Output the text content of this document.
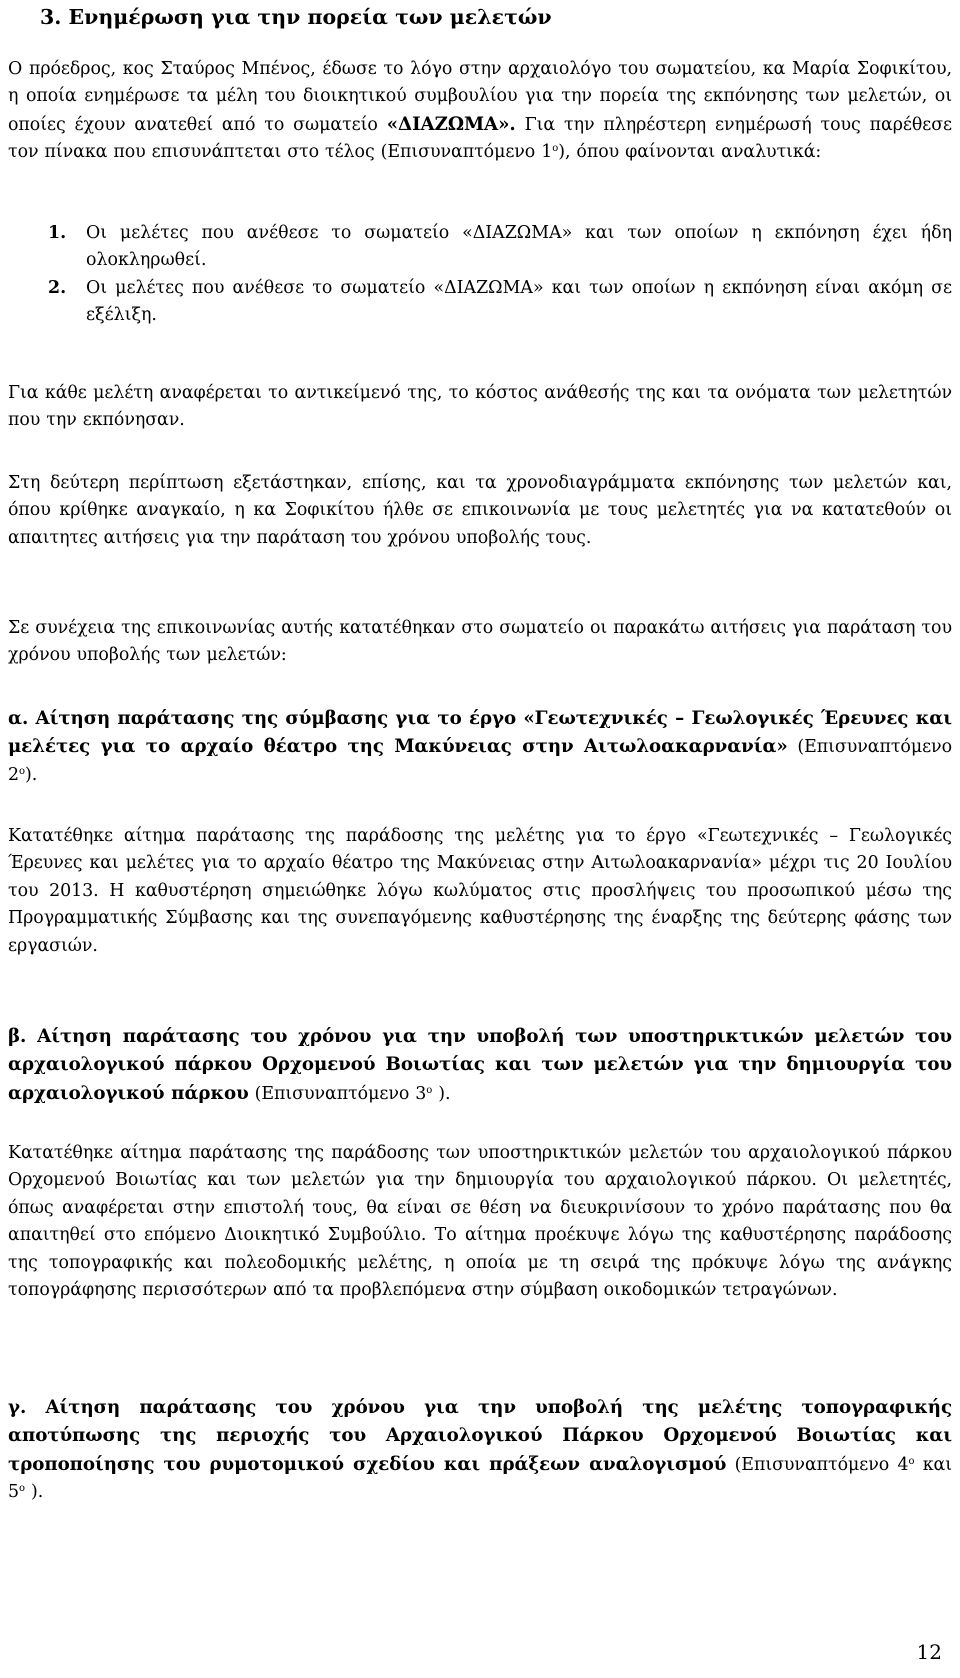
3. Ενημέρωση για την πορεία των μελετών

Ο πρόεδρος, κος Σταύρος Μπένος, έδωσε το λόγο στην αρχαιολόγο του σωματείου, κα Μαρία Σοφικίτου, η οποία ενημέρωσε τα μέλη του διοικητικού συμβουλίου για την πορεία της εκπόνησης των μελετών, οι οποίες έχουν ανατεθεί από το σωματείο «ΔΙΑΖΩΜΑ». Για την πληρέστερη ενημέρωσή τους παρέθεσε τον πίνακα που επισυνάπτεται στο τέλος (Επισυναπτόμενο $1^o$), όπου φαίνονται αναλυτικά:

1. Οι μελέτες που ανέθεσε το σωματείο «ΔΙΑΖΩΜΑ» και των οποίων η εκπόνηση έχει ήδη ολοκληρωθεί.
2. Οι μελέτες που ανέθεσε το σωματείο «ΔΙΑΖΩΜΑ» και των οποίων η εκπόνηση είναι ακόμη σε εξέλιξη.

Για κάθε μελέτη αναφέρεται το αντικείμενό της, το κόστος ανάθεσής της και τα ονόματα των μελετητών που την εκπόνησαν.

Στη δεύτερη περίπτωση εξετάστηκαν, επίσης, και τα χρονοδιαγράμματα εκπόνησης των μελετών και, όπου κρίθηκε αναγκαίο, η κα Σοφικίτου ήλθε σε επικοινωνία με τους μελετητές για να κατατεθούν οι απαιτητες αιτήσεις για την παράταση του χρόνου υποβολής τους.

Σε συνέχεια της επικοινωνίας αυτής κατατέθηκαν στο σωματείο οι παρακάτω αιτήσεις για παράταση του χρόνου υποβολής των μελετών:

α. Αίτηση παράτασης της σύμβασης για το έργο «Γεωτεχνικές – Γεωλογικές Έρευνες και μελέτες για το αρχαίο θέατρο της Μακύνειας στην Αιτωλοακαρνανία» (Επισυναπτόμενο $2^o$).

Κατατέθηκε αίτημα παράτασης της παράδοσης της μελέτης για το έργο «Γεωτεχνικές – Γεωλογικές Έρευνες και μελέτες για το αρχαίο θέατρο της Μακύνειας στην Αιτωλοακαρνανία» μέχρι τις 20 Ιουλίου του 2013. Η καθυστέρηση σημειώθηκε λόγω κωλύματος στις προσλήψεις του προσωπικού μέσω της Προγραμματικής Σύμβασης και της συνεπαγόμενης καθυστέρησης της έναρξης της δεύτερης φάσης των εργασιών.

β. Αίτηση παράτασης του χρόνου για την υποβολή των υποστηρικτικών μελετών του αρχαιολογικού πάρκου Ορχομενού Βοιωτίας και των μελετών για την δημιουργία του αρχαιολογικού πάρκου (Επισυναπτόμενο $3^o$ ).

Κατατέθηκε αίτημα παράτασης της παράδοσης των υποστηρικτικών μελετών του αρχαιολογικού πάρκου Ορχομενού Βοιωτίας και των μελετών για την δημιουργία του αρχαιολογικού πάρκου. Οι μελετητές, όπως αναφέρεται στην επιστολή τους, θα είναι σε θέση να διευκρινίσουν το χρόνο παράτασης που θα απαιτηθεί στο επόμενο Διοικητικό Συμβούλιο. Το αίτημα προέκυψε λόγω της καθυστέρησης παράδοσης της τοπογραφικής και πολεοδομικής μελέτης, η οποία με τη σειρά της πρόκυψε λόγω της ανάγκης τοπογράφησης περισσότερων από τα προβλεπόμενα στην σύμβαση οικοδομικών τετραγώνων.

γ. Αίτηση παράτασης του χρόνου για την υποβολή της μελέτης τοπογραφικής αποτύπωσης της περιοχής του Αρχαιολογικού Πάρκου Ορχομενού Βοιωτίας και τροποποίησης του ρυμοτομικού σχεδίου και πράξεων αναλογισμού (Επισυναπτόμενο $4^o$ και $5^o$ ).

12
